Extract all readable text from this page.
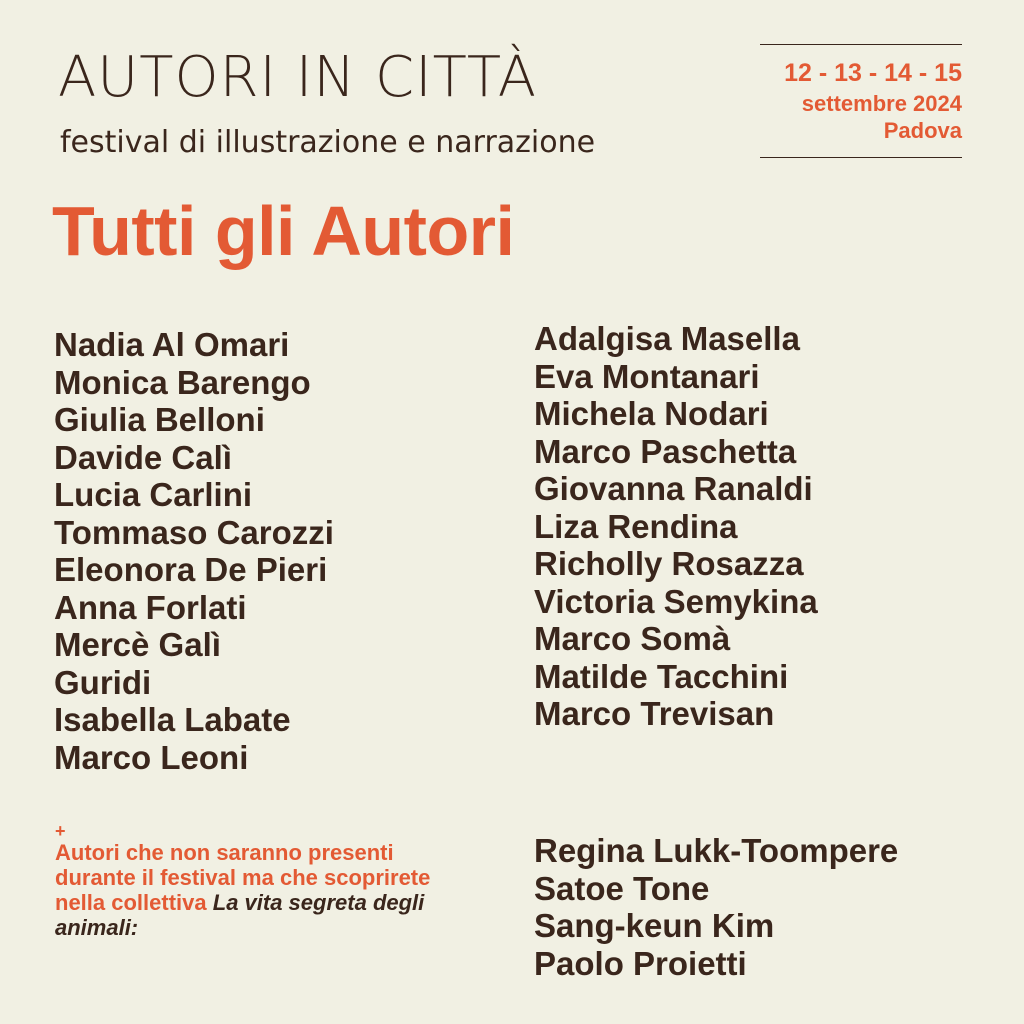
AUTORI IN CITTÀ
festival di illustrazione e narrazione
12 - 13 - 14 - 15
settembre 2024
Padova
Tutti gli Autori
Nadia Al Omari
Monica Barengo
Giulia Belloni
Davide Calì
Lucia Carlini
Tommaso Carozzi
Eleonora De Pieri
Anna Forlati
Mercè Galì
Guridi
Isabella Labate
Marco Leoni
Adalgisa Masella
Eva Montanari
Michela Nodari
Marco Paschetta
Giovanna Ranaldi
Liza Rendina
Richolly Rosazza
Victoria Semykina
Marco Somà
Matilde Tacchini
Marco Trevisan
+
Autori che non saranno presenti durante il festival ma che scoprirete nella collettiva La vita segreta degli animali:
Regina Lukk-Toompere
Satoe Tone
Sang-keun Kim
Paolo Proietti
